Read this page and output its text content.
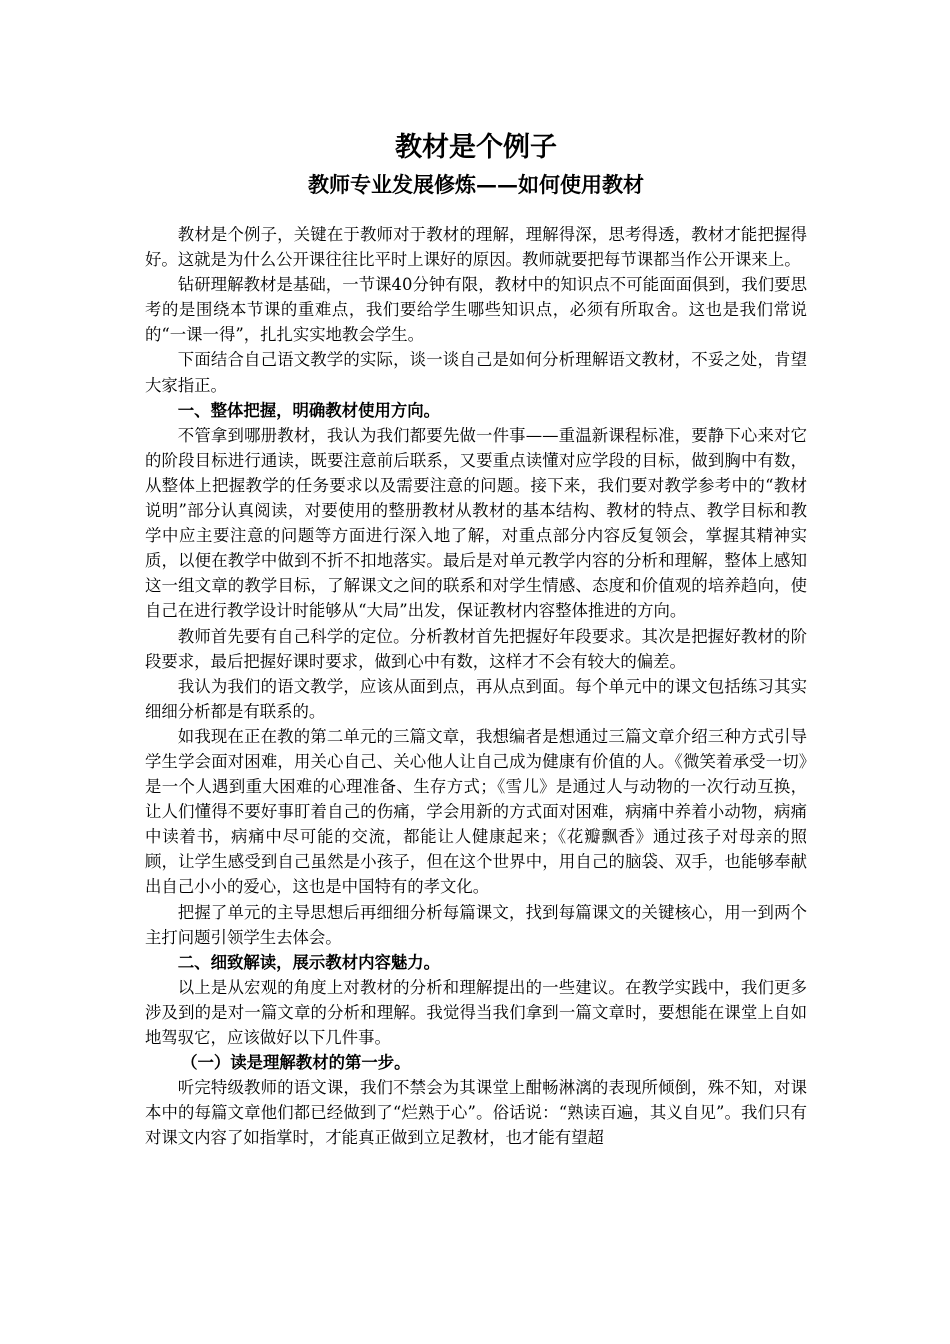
教材是个例子
教师专业发展修炼——如何使用教材

教材是个例子，关键在于教师对于教材的理解，理解得深，思考得透，教材才能把握得好。这就是为什么公开课往往比平时上课好的原因。教师就要把每节课都当作公开课来上。

钻研理解教材是基础，一节课40分钟有限，教材中的知识点不可能面面俱到，我们要思考的是围绕本节课的重难点，我们要给学生哪些知识点，必须有所取舍。这也是我们常说的“一课一得”，扎扎实实地教会学生。

下面结合自己语文教学的实际，谈一谈自己是如何分析理解语文教材，不妥之处，肯望大家指正。

一、整体把握，明确教材使用方向。

不管拿到哪册教材，我认为我们都要先做一件事——重温新课程标准，要静下心来对它的阶段目标进行通读，既要注意前后联系，又要重点读懂对应学段的目标，做到胸中有数，从整体上把握教学的任务要求以及需要注意的问题。接下来，我们要对教学参考中的“教材说明”部分认真阅读，对要使用的整册教材从教材的基本结构、教材的特点、教学目标和教学中应主要注意的问题等方面进行深入地了解，对重点部分内容反复领会，掌握其精神实质，以便在教学中做到不折不扣地落实。最后是对单元教学内容的分析和理解，整体上感知这一组文章的教学目标，了解课文之间的联系和对学生情感、态度和价值观的培养趋向，使自己在进行教学设计时能够从“大局”出发，保证教材内容整体推进的方向。

教师首先要有自己科学的定位。分析教材首先把握好年段要求。其次是把握好教材的阶段要求，最后把握好课时要求，做到心中有数，这样才不会有较大的偏差。

我认为我们的语文教学，应该从面到点，再从点到面。每个单元中的课文包括练习其实细细分析都是有联系的。

如我现在正在教的第二单元的三篇文章，我想编者是想通过三篇文章介绍三种方式引导学生学会面对困难，用关心自己、关心他人让自己成为健康有价值的人。《微笑着承受一切》是一个人遇到重大困难的心理准备、生存方式；《雪儿》是通过人与动物的一次行动互换，让人们懂得不要好事盯着自己的伤痛，学会用新的方式面对困难，病痛中养着小动物，病痛中读着书，病痛中尽可能的交流，都能让人健康起来；《花瓣飘香》通过孩子对母亲的照顾，让学生感受到自己虽然是小孩子，但在这个世界中，用自己的脑袋、双手，也能够奉献出自己小小的爱心，这也是中国特有的孝文化。

把握了单元的主导思想后再细细分析每篇课文，找到每篇课文的关键核心，用一到两个主打问题引领学生去体会。

二、细致解读，展示教材内容魅力。

以上是从宏观的角度上对教材的分析和理解提出的一些建议。在教学实践中，我们更多涉及到的是对一篇文章的分析和理解。我觉得当我们拿到一篇文章时，要想能在课堂上自如地驾驭它，应该做好以下几件事。

（一）读是理解教材的第一步。

听完特级教师的语文课，我们不禁会为其课堂上酣畅淋漓的表现所倾倒，殊不知，对课本中的每篇文章他们都已经做到了“烂熟于心”。俗话说：“熟读百遍，其义自见”。我们只有对课文内容了如指掌时，才能真正做到立足教材，也才能有望超
